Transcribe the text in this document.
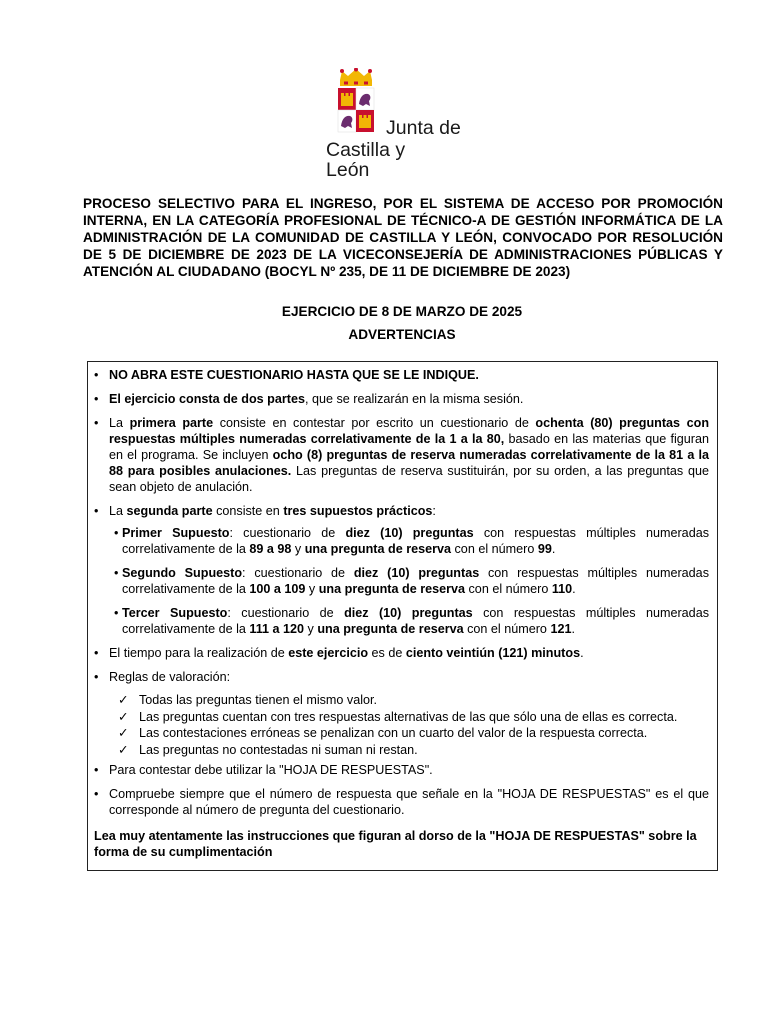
Junta de
Castilla y León
PROCESO SELECTIVO PARA EL INGRESO, POR EL SISTEMA DE ACCESO POR PROMOCIÓN INTERNA, EN LA CATEGORÍA PROFESIONAL DE TÉCNICO-A DE GESTIÓN INFORMÁTICA DE LA ADMINISTRACIÓN DE LA COMUNIDAD DE CASTILLA Y LEÓN, CONVOCADO POR RESOLUCIÓN DE 5 DE DICIEMBRE DE 2023 DE LA VICECONSEJERÍA DE ADMINISTRACIONES PÚBLICAS Y ATENCIÓN AL CIUDADANO (BOCYL Nº 235, DE 11 DE DICIEMBRE DE 2023)
EJERCICIO DE 8 DE MARZO DE 2025
ADVERTENCIAS
• NO ABRA ESTE CUESTIONARIO HASTA QUE SE LE INDIQUE.
• El ejercicio consta de dos partes, que se realizarán en la misma sesión.
• La primera parte consiste en contestar por escrito un cuestionario de ochenta (80) preguntas con respuestas múltiples numeradas correlativamente de la 1 a la 80, basado en las materias que figuran en el programa. Se incluyen ocho (8) preguntas de reserva numeradas correlativamente de la 81 a la 88 para posibles anulaciones. Las preguntas de reserva sustituirán, por su orden, a las preguntas que sean objeto de anulación.
• La segunda parte consiste en tres supuestos prácticos:
• Primer Supuesto: cuestionario de diez (10) preguntas con respuestas múltiples numeradas correlativamente de la 89 a 98 y una pregunta de reserva con el número 99.
• Segundo Supuesto: cuestionario de diez (10) preguntas con respuestas múltiples numeradas correlativamente de la 100 a 109 y una pregunta de reserva con el número 110.
• Tercer Supuesto: cuestionario de diez (10) preguntas con respuestas múltiples numeradas correlativamente de la 111 a 120 y una pregunta de reserva con el número 121.
• El tiempo para la realización de este ejercicio es de ciento veintiún (121) minutos.
• Reglas de valoración:
✓ Todas las preguntas tienen el mismo valor.
✓ Las preguntas cuentan con tres respuestas alternativas de las que sólo una de ellas es correcta.
✓ Las contestaciones erróneas se penalizan con un cuarto del valor de la respuesta correcta.
✓ Las preguntas no contestadas ni suman ni restan.
• Para contestar debe utilizar la "HOJA DE RESPUESTAS".
• Compruebe siempre que el número de respuesta que señale en la "HOJA DE RESPUESTAS" es el que corresponde al número de pregunta del cuestionario.
Lea muy atentamente las instrucciones que figuran al dorso de la "HOJA DE RESPUESTAS" sobre la forma de su cumplimentación
